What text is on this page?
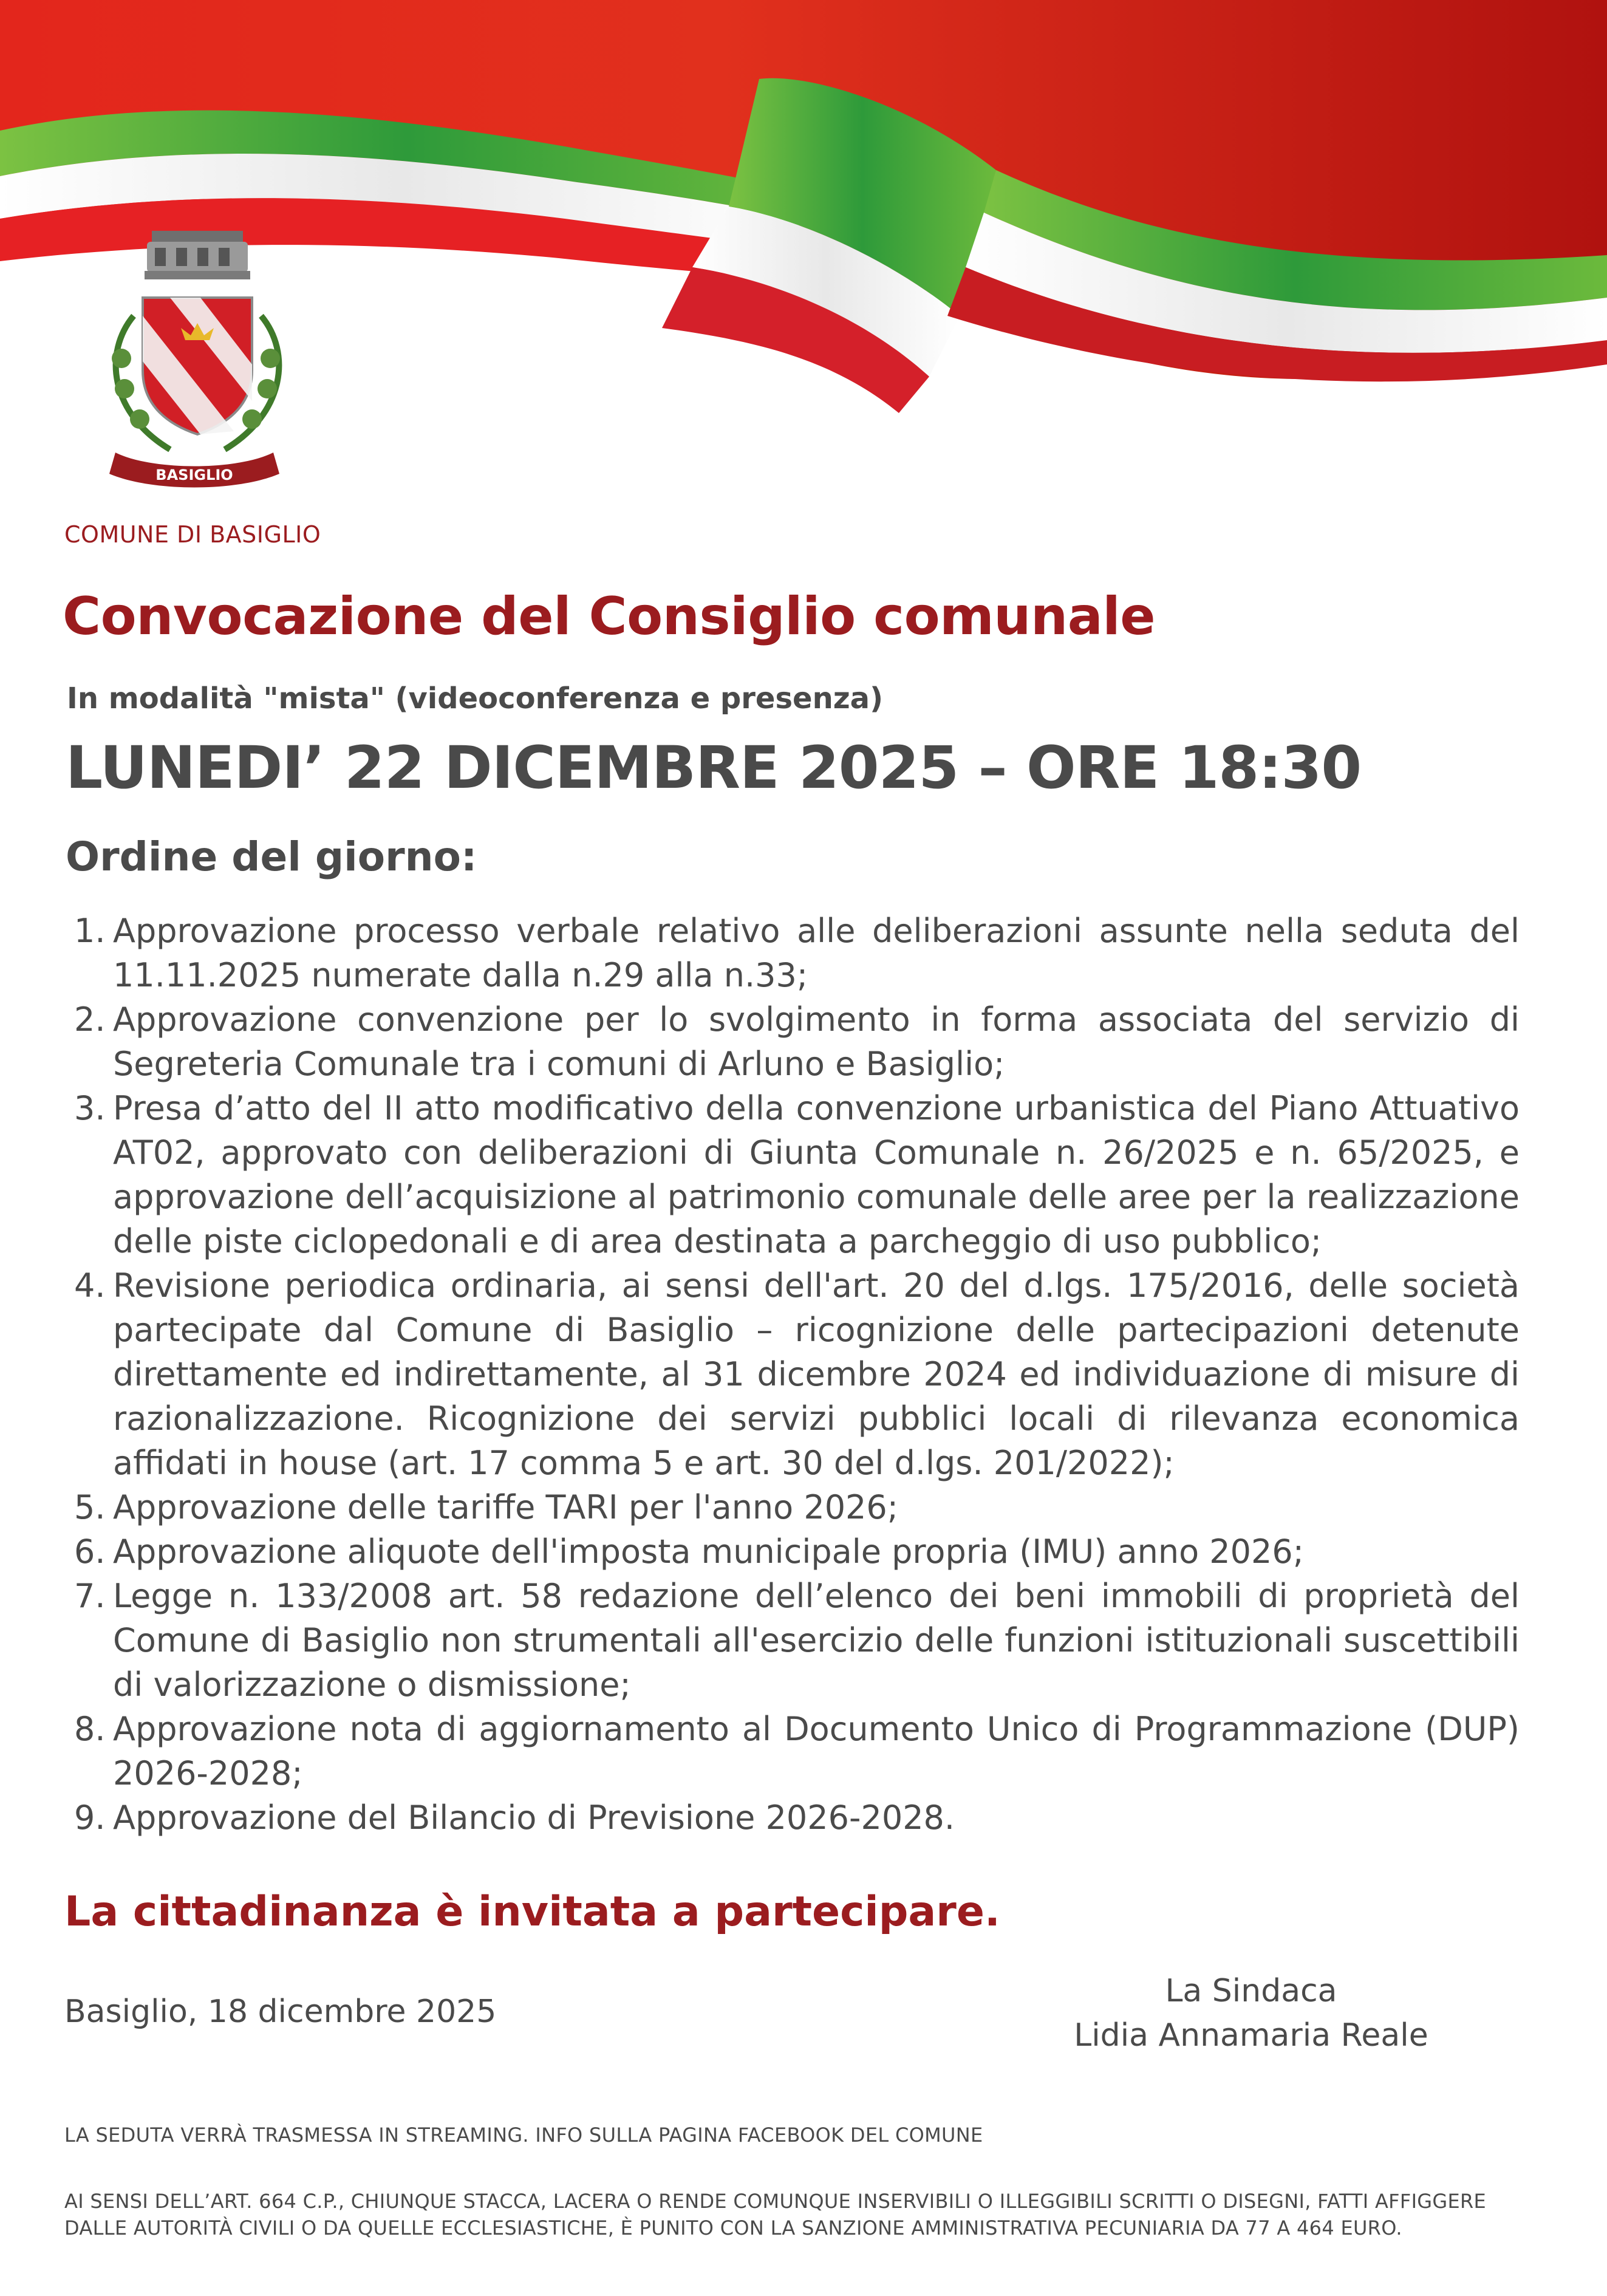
BASIGLIO
COMUNE DI BASIGLIO
Convocazione del Consiglio comunale
In modalità "mista" (videoconferenza e presenza)
LUNEDI’ 22 DICEMBRE 2025 – ORE 18:30
Ordine del giorno:
1. Approvazione processo verbale relativo alle deliberazioni assunte nella seduta del 11.11.2025 numerate dalla n.29 alla n.33;
2. Approvazione convenzione per lo svolgimento in forma associata del servizio di Segreteria Comunale tra i comuni di Arluno e Basiglio;
3. Presa d’atto del II atto modificativo della convenzione urbanistica del Piano Attuativo AT02, approvato con deliberazioni di Giunta Comunale n. 26/2025 e n. 65/2025, e approvazione dell’acquisizione al patrimonio comunale delle aree per la realizzazione delle piste ciclopedonali e di area destinata a parcheggio di uso pubblico;
4. Revisione periodica ordinaria, ai sensi dell'art. 20 del d.lgs. 175/2016, delle società partecipate dal Comune di Basiglio – ricognizione delle partecipazioni detenute direttamente ed indirettamente, al 31 dicembre 2024 ed individuazione di misure di razionalizzazione. Ricognizione dei servizi pubblici locali di rilevanza economica affidati in house (art. 17 comma 5 e art. 30 del d.lgs. 201/2022);
5. Approvazione delle tariffe TARI per l'anno 2026;
6. Approvazione aliquote dell'imposta municipale propria (IMU) anno 2026;
7. Legge n. 133/2008 art. 58 redazione dell’elenco dei beni immobili di proprietà del Comune di Basiglio non strumentali all'esercizio delle funzioni istituzionali suscettibili di valorizzazione o dismissione;
8. Approvazione nota di aggiornamento al Documento Unico di Programmazione (DUP) 2026-2028;
9. Approvazione del Bilancio di Previsione 2026-2028.
La cittadinanza è invitata a partecipare.
Basiglio, 18 dicembre 2025
La Sindaca
Lidia Annamaria Reale
LA SEDUTA VERRÀ TRASMESSA IN STREAMING. INFO SULLA PAGINA FACEBOOK DEL COMUNE
AI SENSI DELL’ART. 664 C.P., CHIUNQUE STACCA, LACERA O RENDE COMUNQUE INSERVIBILI O ILLEGGIBILI SCRITTI O DISEGNI, FATTI AFFIGGERE DALLE AUTORITÀ CIVILI O DA QUELLE ECCLESIASTICHE, È PUNITO CON LA SANZIONE AMMINISTRATIVA PECUNIARIA DA 77 A 464 EURO.
